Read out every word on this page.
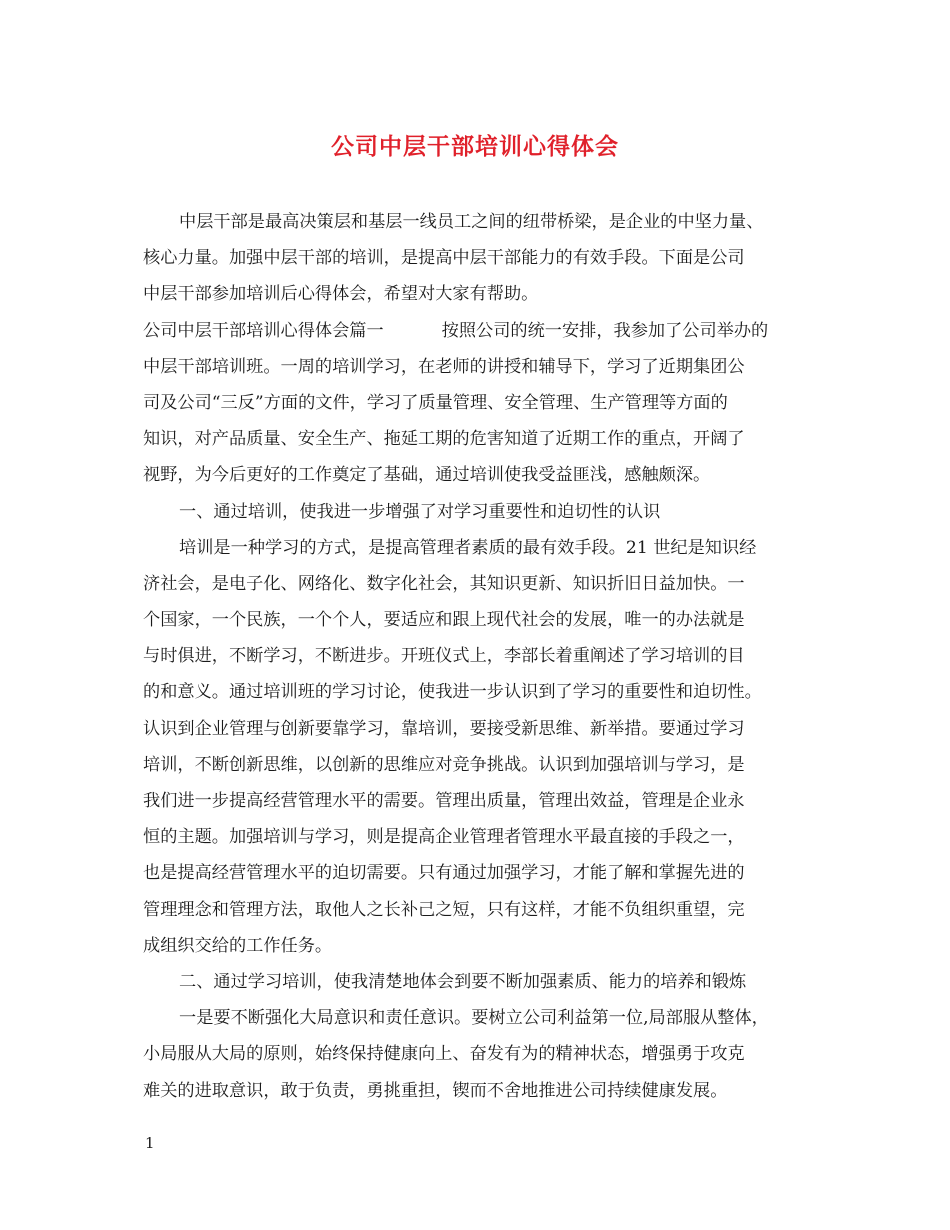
公司中层干部培训心得体会
中层干部是最高决策层和基层一线员工之间的纽带桥梁，是企业的中坚力量、
核心力量。加强中层干部的培训，是提高中层干部能力的有效手段。下面是公司
中层干部参加培训后心得体会，希望对大家有帮助。
公司中层干部培训心得体会篇一	按照公司的统一安排，我参加了公司举办的
中层干部培训班。一周的培训学习，在老师的讲授和辅导下，学习了近期集团公
司及公司“三反”方面的文件，学习了质量管理、安全管理、生产管理等方面的
知识，对产品质量、安全生产、拖延工期的危害知道了近期工作的重点，开阔了
视野，为今后更好的工作奠定了基础，通过培训使我受益匪浅，感触颇深。
一、通过培训，使我进一步增强了对学习重要性和迫切性的认识
培训是一种学习的方式，是提高管理者素质的最有效手段。21 世纪是知识经
济社会，是电子化、网络化、数字化社会，其知识更新、知识折旧日益加快。一
个国家，一个民族，一个个人，要适应和跟上现代社会的发展，唯一的办法就是
与时俱进，不断学习，不断进步。开班仪式上，李部长着重阐述了学习培训的目
的和意义。通过培训班的学习讨论，使我进一步认识到了学习的重要性和迫切性。
认识到企业管理与创新要靠学习，靠培训，要接受新思维、新举措。要通过学习
培训，不断创新思维，以创新的思维应对竞争挑战。认识到加强培训与学习，是
我们进一步提高经营管理水平的需要。管理出质量，管理出效益，管理是企业永
恒的主题。加强培训与学习，则是提高企业管理者管理水平最直接的手段之一，
也是提高经营管理水平的迫切需要。只有通过加强学习，才能了解和掌握先进的
管理理念和管理方法，取他人之长补己之短，只有这样，才能不负组织重望，完
成组织交给的工作任务。
二、通过学习培训，使我清楚地体会到要不断加强素质、能力的培养和锻炼
一是要不断强化大局意识和责任意识。要树立公司利益第一位,局部服从整体，
小局服从大局的原则，始终保持健康向上、奋发有为的精神状态，增强勇于攻克
难关的进取意识，敢于负责，勇挑重担，锲而不舍地推进公司持续健康发展。
1
